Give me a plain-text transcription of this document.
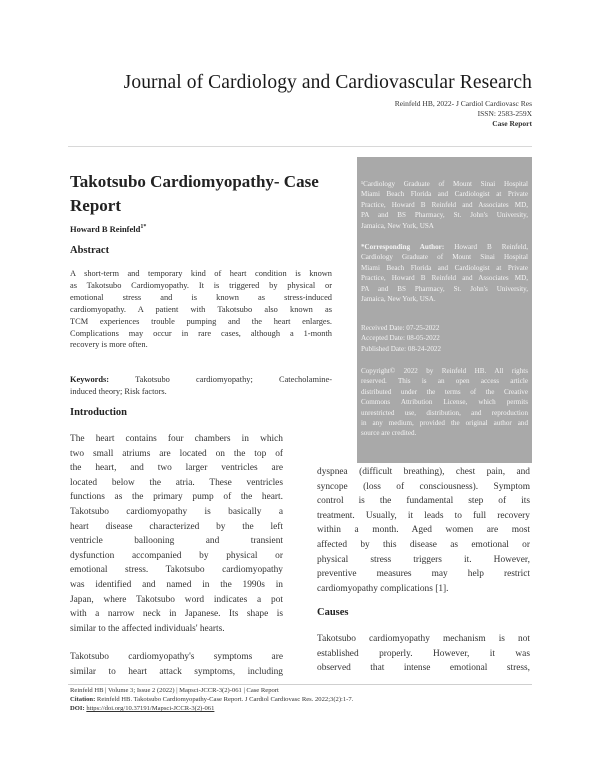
Journal of Cardiology and Cardiovascular Research
Reinfeld HB, 2022- J Cardiol Cardiovasc Res
ISSN: 2583-259X
Case Report
Takotsubo Cardiomyopathy- Case
Report
Howard B Reinfeld$^{1*}$
Abstract
A short-term and temporary kind of heart condition is known
as Takotsubo Cardiomyopathy. It is triggered by physical or
emotional stress and is known as stress-induced
cardiomyopathy. A patient with Takotsubo also known as
TCM experiences trouble pumping and the heart enlarges.
Complications may occur in rare cases, although a 1-month
recovery is more often.
Keywords: Takotsubo cardiomyopathy; Catecholamine-
induced theory; Risk factors.
Introduction
The heart contains four chambers in which
two small atriums are located on the top of
the heart, and two larger ventricles are
located below the atria. These ventricles
functions as the primary pump of the heart.
Takotsubo cardiomyopathy is basically a
heart disease characterized by the left
ventricle ballooning and transient
dysfunction accompanied by physical or
emotional stress. Takotsubo cardiomyopathy
was identified and named in the 1990s in
Japan, where Takotsubo word indicates a pot
with a narrow neck in Japanese. Its shape is
similar to the affected individuals' hearts.
Takotsubo cardiomyopathy's symptoms are
similar to heart attack symptoms, including
¹Cardiology Graduate of Mount Sinai Hospital
Miami Beach Florida and Cardiologist at Private
Practice, Howard B Reinfeld and Associates MD,
PA and BS Pharmacy, St. John's University,
Jamaica, New York, USA
*Corresponding Author: Howard B Reinfeld,
Cardiology Graduate of Mount Sinai Hospital
Miami Beach Florida and Cardiologist at Private
Practice, Howard B Reinfeld and Associates MD,
PA and BS Pharmacy, St. John's University,
Jamaica, New York, USA.
Received Date: 07-25-2022
Accepted Date: 08-05-2022
Published Date: 08-24-2022
Copyright© 2022 by Reinfeld HB. All rights
reserved. This is an open access article
distributed under the terms of the Creative
Commons Attribution License, which permits
unrestricted use, distribution, and reproduction
in any medium, provided the original author and
source are credited.
dyspnea (difficult breathing), chest pain, and
syncope (loss of consciousness). Symptom
control is the fundamental step of its
treatment. Usually, it leads to full recovery
within a month. Aged women are most
affected by this disease as emotional or
physical stress triggers it. However,
preventive measures may help restrict
cardiomyopathy complications [1].
Causes
Takotsubo cardiomyopathy mechanism is not
established properly. However, it was
observed that intense emotional stress,
Reinfeld HB | Volume 3; Issue 2 (2022) | Mapsci-JCCR-3(2)-061 | Case Report
Citation: Reinfeld HB. Takotsubo Cardiomyopathy-Case Report. J Cardiol Cardiovasc Res. 2022;3(2):1-7.
DOI: https://doi.org/10.37191/Mapsci-JCCR-3(2)-061
